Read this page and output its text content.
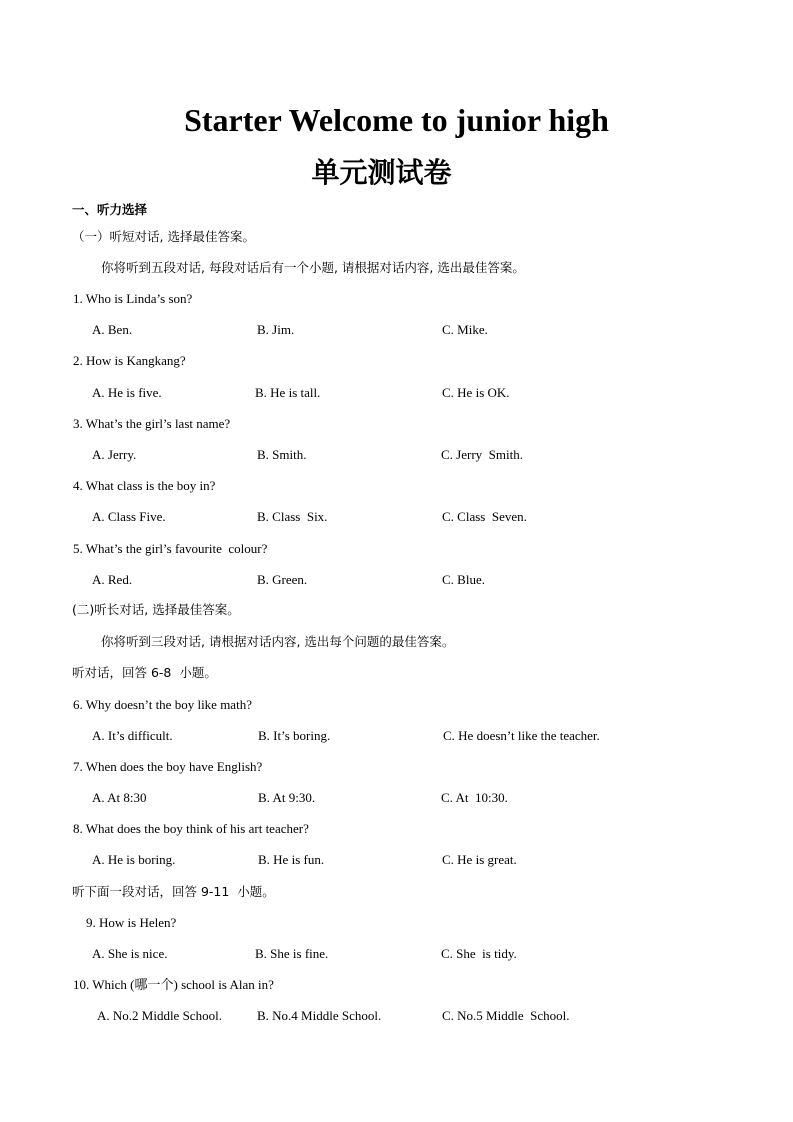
Starter Welcome to junior high
单元测试卷
一、听力选择
（一）听短对话, 选择最佳答案。
你将听到五段对话, 每段对话后有一个小题, 请根据对话内容, 选出最佳答案。
1. Who is Linda’s son?
A. Ben.	B. Jim.	C. Mike.
2. How is Kangkang?
A. He is five.	B. He is tall.	C. He is OK.
3. What’s the girl’s last name?
A. Jerry.	B. Smith.	C. Jerry  Smith.
4. What class is the boy in?
A. Class Five.	B. Class  Six.	C. Class  Seven.
5. What’s the girl’s favourite  colour?
A. Red.	B. Green.	C. Blue.
(二)听长对话, 选择最佳答案。
你将听到三段对话, 请根据对话内容, 选出每个问题的最佳答案。
听对话，回答 6-8  小题。
6. Why doesn’t the boy like math?
A. It’s difficult.	B. It’s boring.	C. He doesn’t like the teacher.
7. When does the boy have English?
A. At 8:30	B. At 9:30.	C. At  10:30.
8. What does the boy think of his art teacher?
A. He is boring.	B. He is fun.	C. He is great.
听下面一段对话，回答 9-11  小题。
9. How is Helen?
A. She is nice.	B. She is fine.	C. She  is tidy.
10. Which (哪一个) school is Alan in?
A. No.2 Middle School.	B. No.4 Middle School.	C. No.5 Middle  School.
